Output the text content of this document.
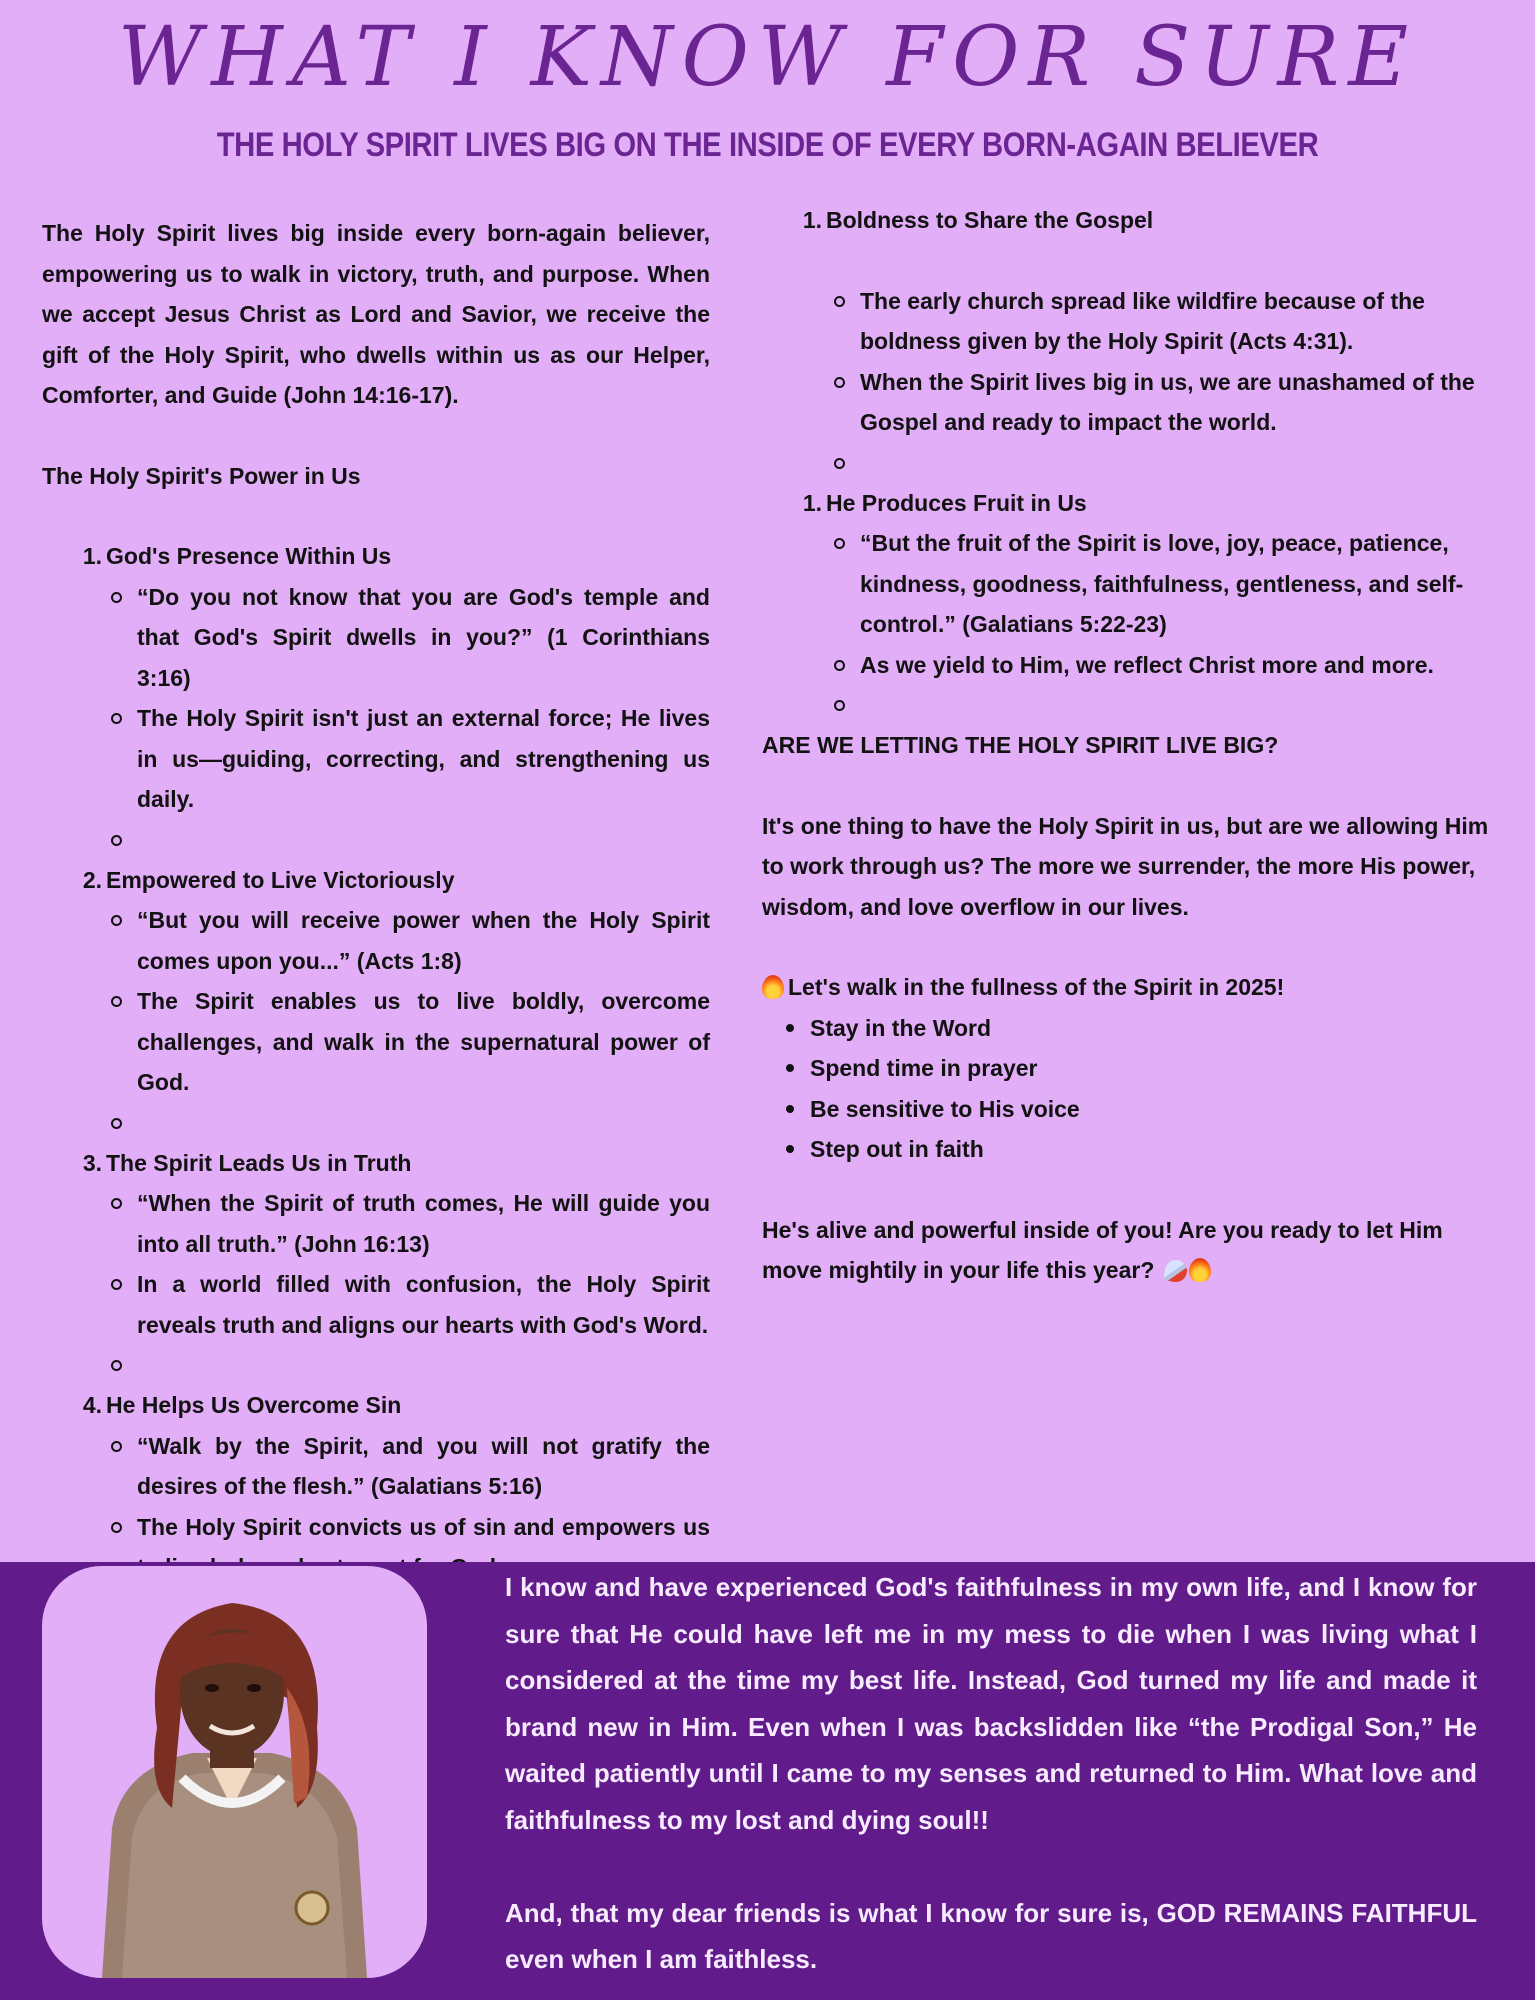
WHAT I KNOW FOR SURE
THE HOLY SPIRIT LIVES BIG ON THE INSIDE OF EVERY BORN-AGAIN BELIEVER

The Holy Spirit lives big inside every born-again believer, empowering us to walk in victory, truth, and purpose. When we accept Jesus Christ as Lord and Savior, we receive the gift of the Holy Spirit, who dwells within us as our Helper, Comforter, and Guide (John 14:16-17).

The Holy Spirit's Power in Us

1. God's Presence Within Us
“Do you not know that you are God's temple and that God's Spirit dwells in you?” (1 Corinthians 3:16)
The Holy Spirit isn't just an external force; He lives in us—guiding, correcting, and strengthening us daily.
2. Empowered to Live Victoriously
“But you will receive power when the Holy Spirit comes upon you...” (Acts 1:8)
The Spirit enables us to live boldly, overcome challenges, and walk in the supernatural power of God.
3. The Spirit Leads Us in Truth
“When the Spirit of truth comes, He will guide you into all truth.” (John 16:13)
In a world filled with confusion, the Holy Spirit reveals truth and aligns our hearts with God's Word.
4. He Helps Us Overcome Sin
“Walk by the Spirit, and you will not gratify the desires of the flesh.” (Galatians 5:16)
The Holy Spirit convicts us of sin and empowers us
1. Boldness to Share the Gospel
The early church spread like wildfire because of the boldness given by the Holy Spirit (Acts 4:31).
When the Spirit lives big in us, we are unashamed of the Gospel and ready to impact the world.
1. He Produces Fruit in Us
“But the fruit of the Spirit is love, joy, peace, patience, kindness, goodness, faithfulness, gentleness, and self-control.” (Galatians 5:22-23)
As we yield to Him, we reflect Christ more and more.

ARE WE LETTING THE HOLY SPIRIT LIVE BIG?

It's one thing to have the Holy Spirit in us, but are we allowing Him to work through us? The more we surrender, the more His power, wisdom, and love overflow in our lives.

Let's walk in the fullness of the Spirit in 2025!

Stay in the Word
Spend time in prayer
Be sensitive to His voice
Step out in faith

He's alive and powerful inside of you! Are you ready to let Him move mightily in your life this year?

I know and have experienced God's faithfulness in my own life, and I know for sure that He could have left me in my mess to die when I was living what I considered at the time my best life. Instead, God turned my life and made it brand new in Him. Even when I was backslidden like “the Prodigal Son,” He waited patiently until I came to my senses and returned to Him. What love and faithfulness to my lost and dying soul!!

And, that my dear friends is what I know for sure is, GOD REMAINS FAITHFUL even when I am faithless.
